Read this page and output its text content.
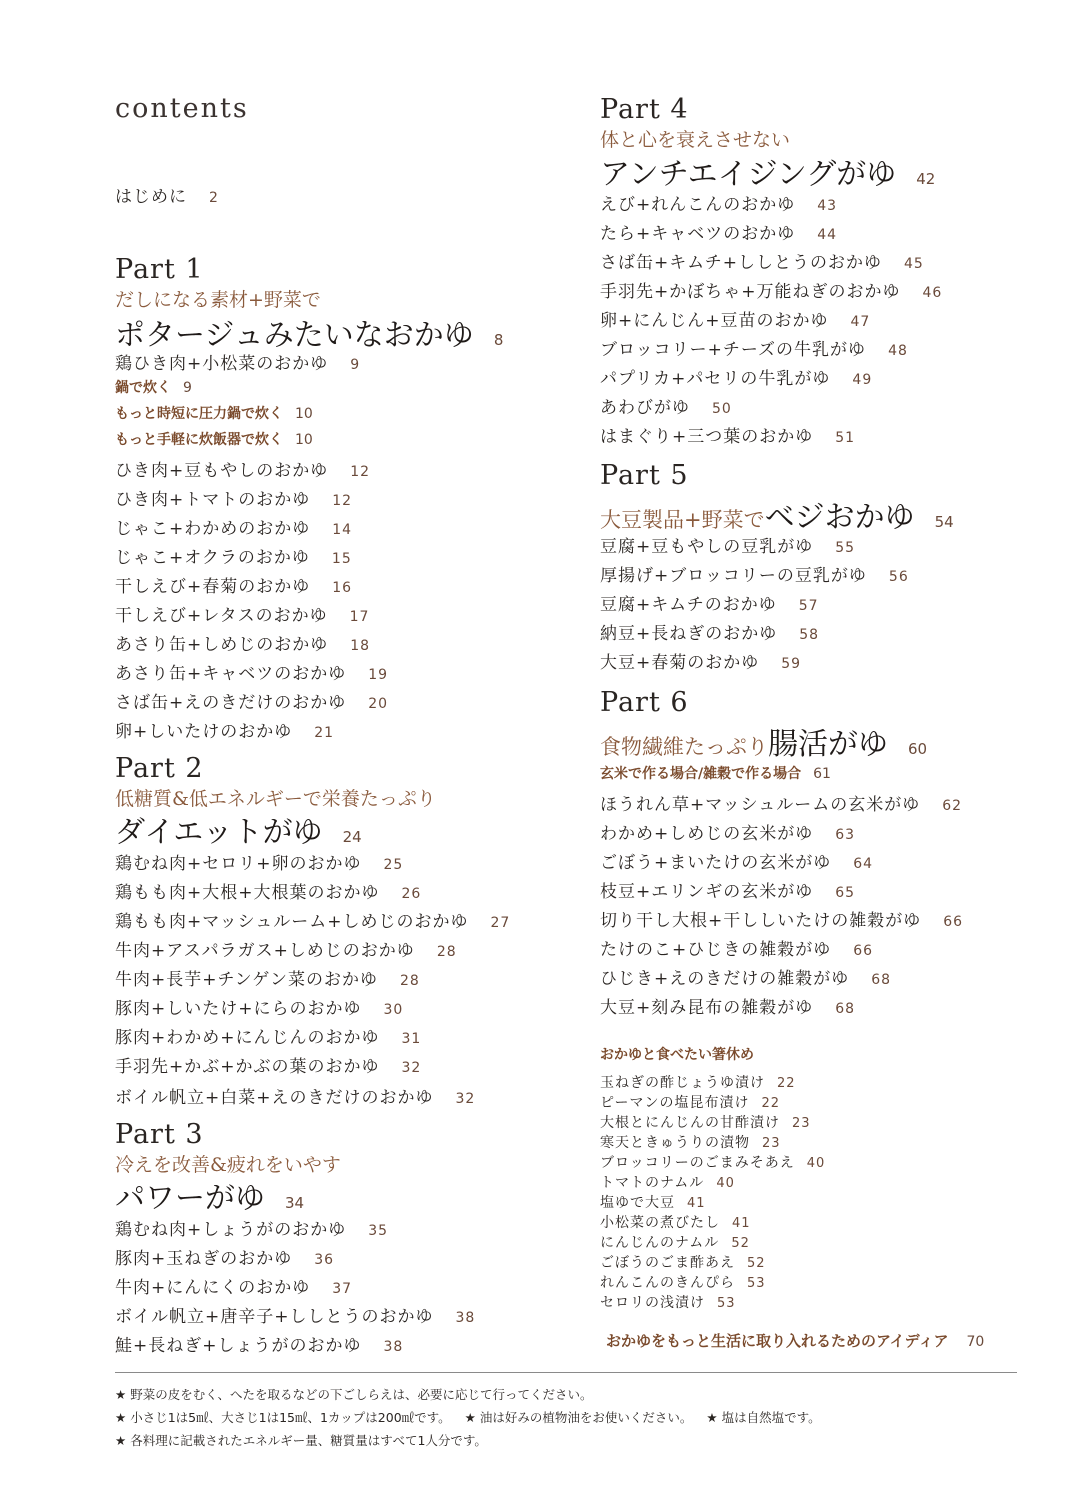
contents
はじめに 2
Part 1
だしになる素材+野菜で
ポタージュみたいなおかゆ 8
鶏ひき肉+小松菜のおかゆ 9
鍋で炊く 9
もっと時短に圧力鍋で炊く 10
もっと手軽に炊飯器で炊く 10
ひき肉+豆もやしのおかゆ 12
ひき肉+トマトのおかゆ 12
じゃこ+わかめのおかゆ 14
じゃこ+オクラのおかゆ 15
干しえび+春菊のおかゆ 16
干しえび+レタスのおかゆ 17
あさり缶+しめじのおかゆ 18
あさり缶+キャベツのおかゆ 19
さば缶+えのきだけのおかゆ 20
卵+しいたけのおかゆ 21
Part 2
低糖質&低エネルギーで栄養たっぷり
ダイエットがゆ 24
鶏むね肉+セロリ+卵のおかゆ 25
鶏もも肉+大根+大根葉のおかゆ 26
鶏もも肉+マッシュルーム+しめじのおかゆ 27
牛肉+アスパラガス+しめじのおかゆ 28
牛肉+長芋+チンゲン菜のおかゆ 28
豚肉+しいたけ+にらのおかゆ 30
豚肉+わかめ+にんじんのおかゆ 31
手羽先+かぶ+かぶの葉のおかゆ 32
ボイル帆立+白菜+えのきだけのおかゆ 32
Part 3
冷えを改善&疲れをいやす
パワーがゆ 34
鶏むね肉+しょうがのおかゆ 35
豚肉+玉ねぎのおかゆ 36
牛肉+にんにくのおかゆ 37
ボイル帆立+唐辛子+ししとうのおかゆ 38
鮭+長ねぎ+しょうがのおかゆ 38
Part 4
体と心を衰えさせない
アンチエイジングがゆ 42
えび+れんこんのおかゆ 43
たら+キャベツのおかゆ 44
さば缶+キムチ+ししとうのおかゆ 45
手羽先+かぼちゃ+万能ねぎのおかゆ 46
卵+にんじん+豆苗のおかゆ 47
ブロッコリー+チーズの牛乳がゆ 48
パプリカ+パセリの牛乳がゆ 49
あわびがゆ 50
はまぐり+三つ葉のおかゆ 51
Part 5
大豆製品+野菜でベジおかゆ 54
豆腐+豆もやしの豆乳がゆ 55
厚揚げ+ブロッコリーの豆乳がゆ 56
豆腐+キムチのおかゆ 57
納豆+長ねぎのおかゆ 58
大豆+春菊のおかゆ 59
Part 6
食物繊維たっぷり腸活がゆ 60
玄米で作る場合/雑穀で作る場合 61
ほうれん草+マッシュルームの玄米がゆ 62
わかめ+しめじの玄米がゆ 63
ごぼう+まいたけの玄米がゆ 64
枝豆+エリンギの玄米がゆ 65
切り干し大根+干ししいたけの雑穀がゆ 66
たけのこ+ひじきの雑穀がゆ 66
ひじき+えのきだけの雑穀がゆ 68
大豆+刻み昆布の雑穀がゆ 68
おかゆと食べたい箸休め
玉ねぎの酢じょうゆ漬け 22
ピーマンの塩昆布漬け 22
大根とにんじんの甘酢漬け 23
寒天ときゅうりの漬物 23
ブロッコリーのごまみそあえ 40
トマトのナムル 40
塩ゆで大豆 41
小松菜の煮びたし 41
にんじんのナムル 52
ごぼうのごま酢あえ 52
れんこんのきんぴら 53
セロリの浅漬け 53
おかゆをもっと生活に取り入れるためのアイディア 70
★ 野菜の皮をむく、へたを取るなどの下ごしらえは、必要に応じて行ってください。
★ 小さじ1は5㎖、大さじ1は15㎖、1カップは200㎖です。 ★ 油は好みの植物油をお使いください。 ★ 塩は自然塩です。
★ 各料理に記載されたエネルギー量、糖質量はすべて1人分です。
